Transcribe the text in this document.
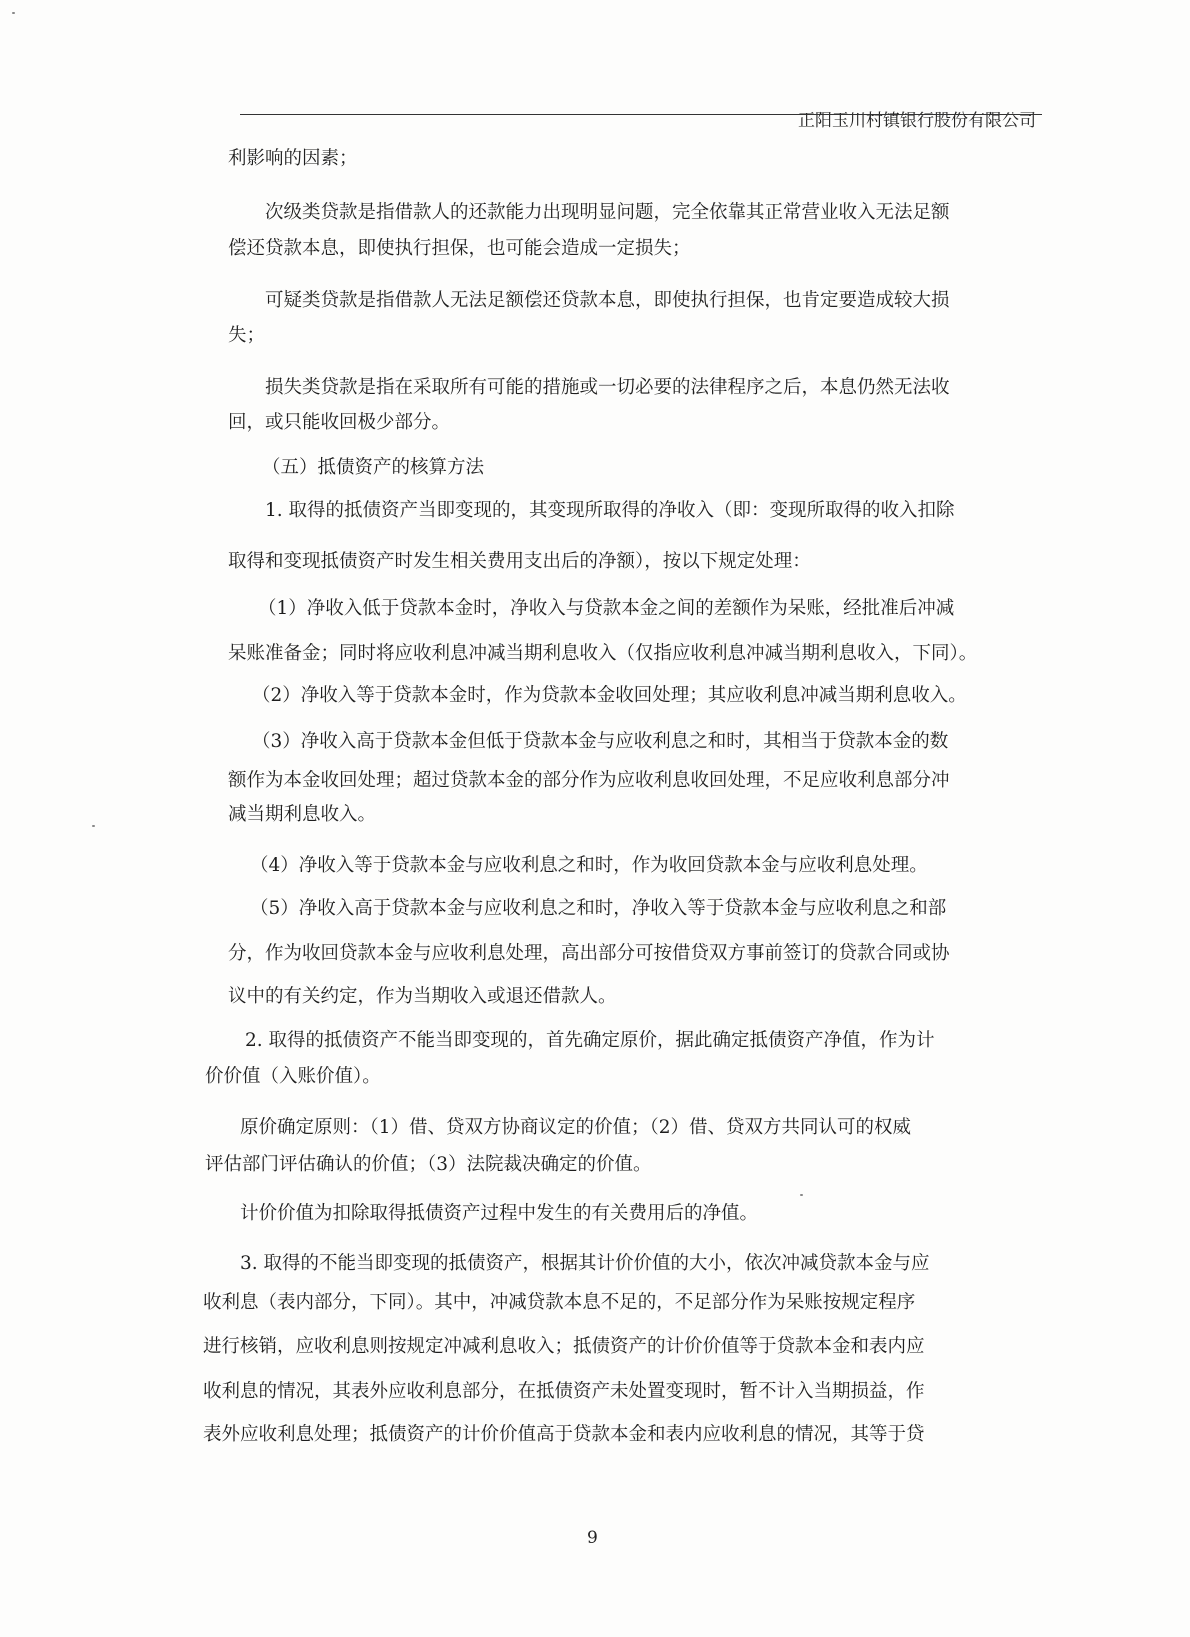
正阳玉川村镇银行股份有限公司
利影响的因素；
次级类贷款是指借款人的还款能力出现明显问题，完全依靠其正常营业收入无法足额
偿还贷款本息，即使执行担保，也可能会造成一定损失；
可疑类贷款是指借款人无法足额偿还贷款本息，即使执行担保，也肯定要造成较大损
失；
损失类贷款是指在采取所有可能的措施或一切必要的法律程序之后，本息仍然无法收
回，或只能收回极少部分。
（五）抵债资产的核算方法
1. 取得的抵债资产当即变现的，其变现所取得的净收入（即：变现所取得的收入扣除
取得和变现抵债资产时发生相关费用支出后的净额），按以下规定处理：
（1）净收入低于贷款本金时，净收入与贷款本金之间的差额作为呆账，经批准后冲减
呆账准备金；同时将应收利息冲减当期利息收入（仅指应收利息冲减当期利息收入，下同）。
（2）净收入等于贷款本金时，作为贷款本金收回处理；其应收利息冲减当期利息收入。
（3）净收入高于贷款本金但低于贷款本金与应收利息之和时，其相当于贷款本金的数
额作为本金收回处理；超过贷款本金的部分作为应收利息收回处理，不足应收利息部分冲
减当期利息收入。
（4）净收入等于贷款本金与应收利息之和时，作为收回贷款本金与应收利息处理。
（5）净收入高于贷款本金与应收利息之和时，净收入等于贷款本金与应收利息之和部
分，作为收回贷款本金与应收利息处理，高出部分可按借贷双方事前签订的贷款合同或协
议中的有关约定，作为当期收入或退还借款人。
2. 取得的抵债资产不能当即变现的，首先确定原价，据此确定抵债资产净值，作为计
价价值（入账价值）。
原价确定原则：（1）借、贷双方协商议定的价值；（2）借、贷双方共同认可的权威
评估部门评估确认的价值；（3）法院裁决确定的价值。
计价价值为扣除取得抵债资产过程中发生的有关费用后的净值。
3. 取得的不能当即变现的抵债资产，根据其计价价值的大小，依次冲减贷款本金与应
收利息（表内部分，下同）。其中，冲减贷款本息不足的，不足部分作为呆账按规定程序
进行核销，应收利息则按规定冲减利息收入；抵债资产的计价价值等于贷款本金和表内应
收利息的情况，其表外应收利息部分，在抵债资产未处置变现时，暂不计入当期损益，作
表外应收利息处理；抵债资产的计价价值高于贷款本金和表内应收利息的情况，其等于贷
9
